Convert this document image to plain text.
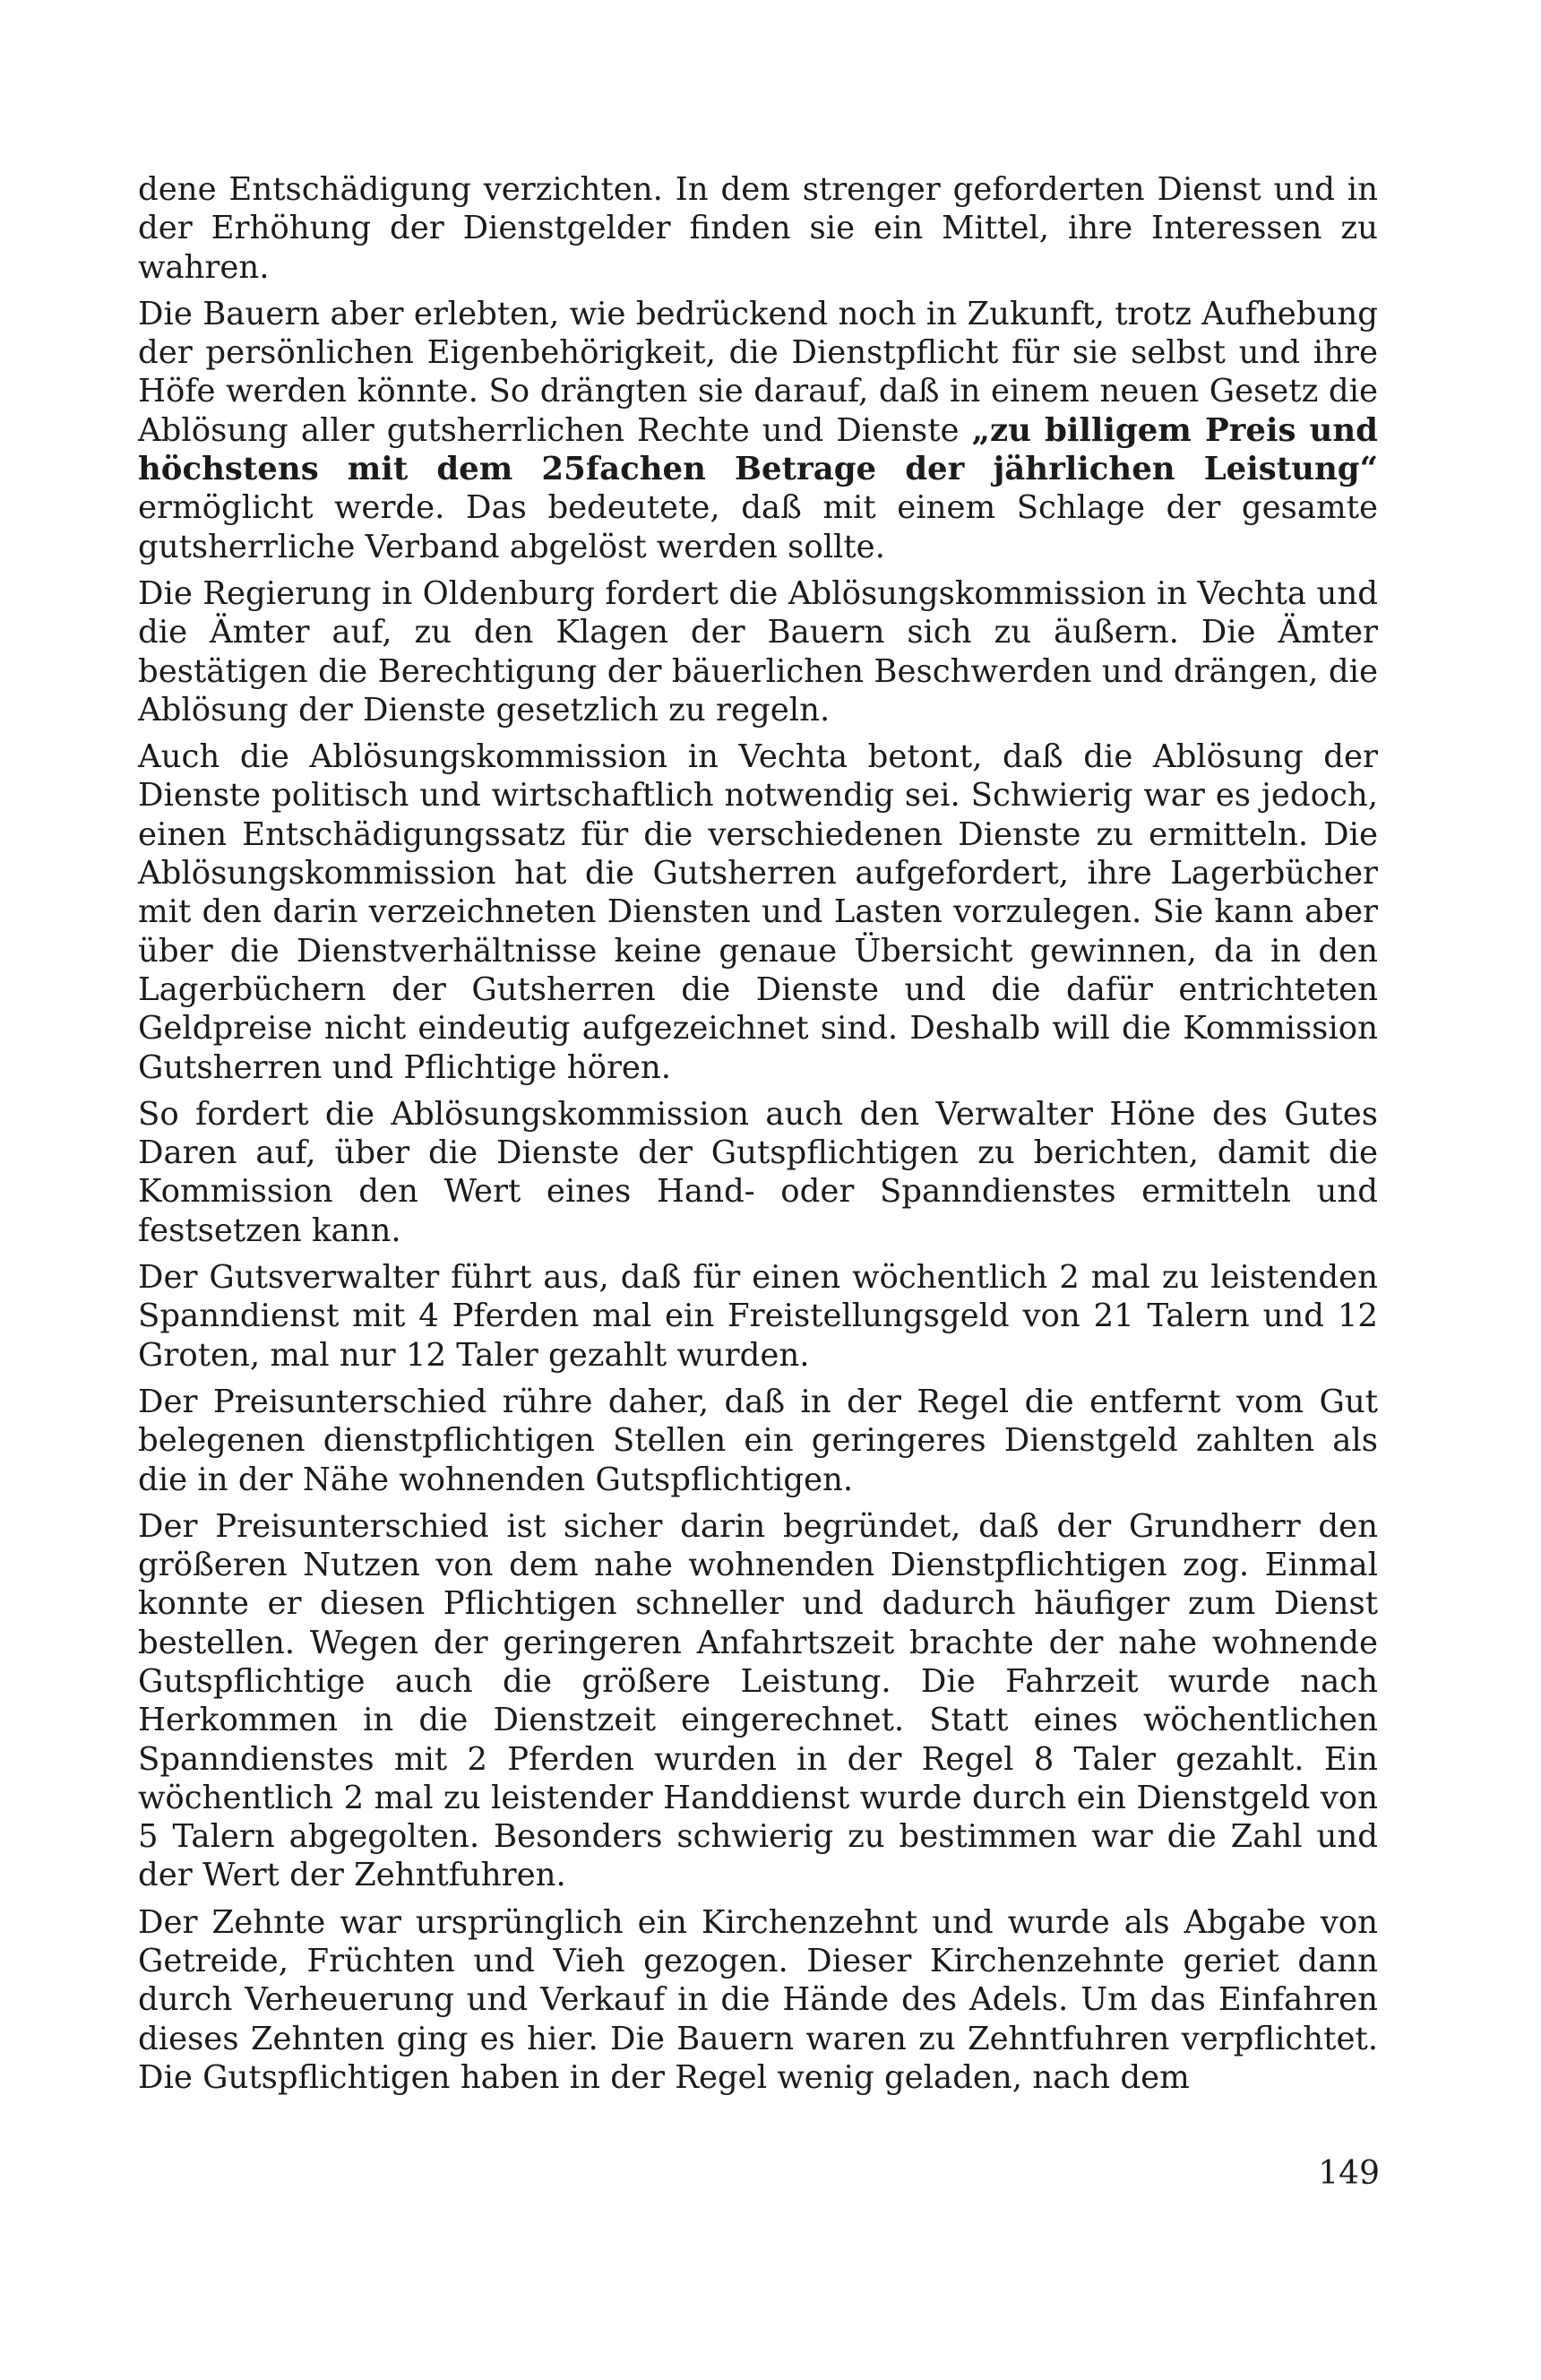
dene Entschädigung verzichten. In dem strenger geforderten Dienst und in der Erhöhung der Dienstgelder finden sie ein Mittel, ihre Interessen zu wahren.

Die Bauern aber erlebten, wie bedrückend noch in Zukunft, trotz Aufhebung der persönlichen Eigenbehörigkeit, die Dienstpflicht für sie selbst und ihre Höfe werden könnte. So drängten sie darauf, daß in einem neuen Gesetz die Ablösung aller gutsherrlichen Rechte und Dienste „zu billigem Preis und höchstens mit dem 25fachen Betrage der jährlichen Leistung“ ermöglicht werde. Das bedeutete, daß mit einem Schlage der gesamte gutsherrliche Verband abgelöst werden sollte.

Die Regierung in Oldenburg fordert die Ablösungskommission in Vechta und die Ämter auf, zu den Klagen der Bauern sich zu äußern. Die Ämter bestätigen die Berechtigung der bäuerlichen Beschwerden und drängen, die Ablösung der Dienste gesetzlich zu regeln.

Auch die Ablösungskommission in Vechta betont, daß die Ablösung der Dienste politisch und wirtschaftlich notwendig sei. Schwierig war es jedoch, einen Entschädigungssatz für die verschiedenen Dienste zu ermitteln. Die Ablösungskommission hat die Gutsherren aufgefordert, ihre Lagerbücher mit den darin verzeichneten Diensten und Lasten vorzulegen. Sie kann aber über die Dienstverhältnisse keine genaue Übersicht gewinnen, da in den Lagerbüchern der Gutsherren die Dienste und die dafür entrichteten Geldpreise nicht eindeutig aufgezeichnet sind. Deshalb will die Kommission Gutsherren und Pflichtige hören.

So fordert die Ablösungskommission auch den Verwalter Höne des Gutes Daren auf, über die Dienste der Gutspflichtigen zu berichten, damit die Kommission den Wert eines Hand- oder Spanndienstes ermitteln und festsetzen kann.

Der Gutsverwalter führt aus, daß für einen wöchentlich 2 mal zu leistenden Spanndienst mit 4 Pferden mal ein Freistellungsgeld von 21 Talern und 12 Groten, mal nur 12 Taler gezahlt wurden.

Der Preisunterschied rühre daher, daß in der Regel die entfernt vom Gut belegenen dienstpflichtigen Stellen ein geringeres Dienstgeld zahlten als die in der Nähe wohnenden Gutspflichtigen.

Der Preisunterschied ist sicher darin begründet, daß der Grundherr den größeren Nutzen von dem nahe wohnenden Dienstpflichtigen zog. Einmal konnte er diesen Pflichtigen schneller und dadurch häufiger zum Dienst bestellen. Wegen der geringeren Anfahrtszeit brachte der nahe wohnende Gutspflichtige auch die größere Leistung. Die Fahrzeit wurde nach Herkommen in die Dienstzeit eingerechnet. Statt eines wöchentlichen Spanndienstes mit 2 Pferden wurden in der Regel 8 Taler gezahlt. Ein wöchentlich 2 mal zu leistender Handdienst wurde durch ein Dienstgeld von 5 Talern abgegolten. Besonders schwierig zu bestimmen war die Zahl und der Wert der Zehntfuhren.

Der Zehnte war ursprünglich ein Kirchenzehnt und wurde als Abgabe von Getreide, Früchten und Vieh gezogen. Dieser Kirchenzehnte geriet dann durch Verheuerung und Verkauf in die Hände des Adels. Um das Einfahren dieses Zehnten ging es hier. Die Bauern waren zu Zehntfuhren verpflichtet. Die Gutspflichtigen haben in der Regel wenig geladen, nach dem

149
